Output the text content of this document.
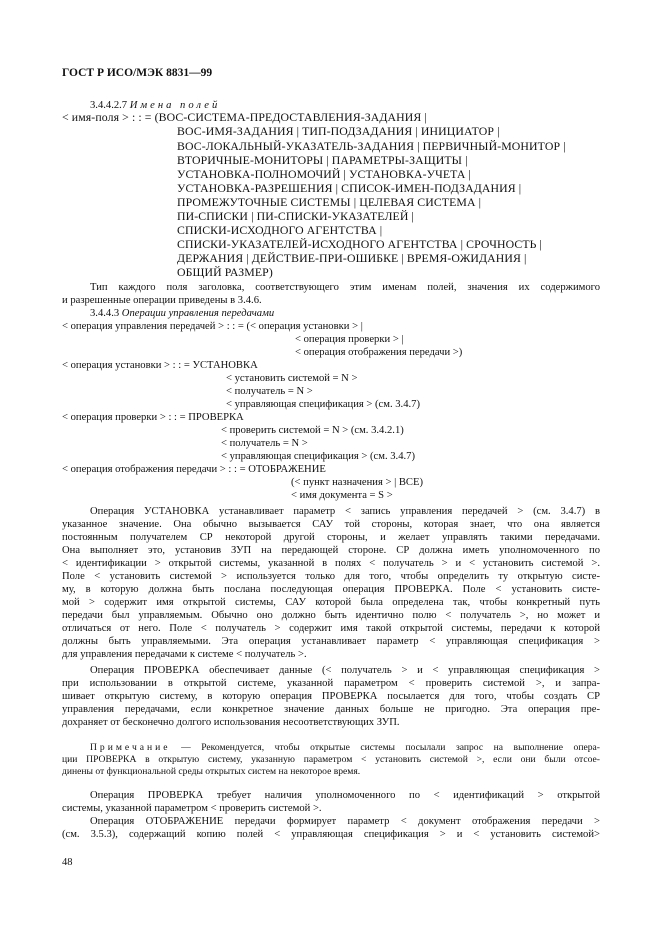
ГОСТ Р ИСО/МЭК 8831—99
3.4.4.2.7 Имена полей
< имя-поля > : : = (ВОС-СИСТЕМА-ПРЕДОСТАВЛЕНИЯ-ЗАДАНИЯ |
ВОС-ИМЯ-ЗАДАНИЯ | ТИП-ПОДЗАДАНИЯ | ИНИЦИАТОР |
ВОС-ЛОКАЛЬНЫЙ-УКАЗАТЕЛЬ-ЗАДАНИЯ | ПЕРВИЧНЫЙ-МОНИТОР |
ВТОРИЧНЫЕ-МОНИТОРЫ | ПАРАМЕТРЫ-ЗАЩИТЫ |
УСТАНОВКА-ПОЛНОМОЧИЙ | УСТАНОВКА-УЧЕТА |
УСТАНОВКА-РАЗРЕШЕНИЯ | СПИСОК-ИМЕН-ПОДЗАДАНИЯ |
ПРОМЕЖУТОЧНЫЕ СИСТЕМЫ | ЦЕЛЕВАЯ СИСТЕМА |
ПИ-СПИСКИ | ПИ-СПИСКИ-УКАЗАТЕЛЕЙ |
СПИСКИ-ИСХОДНОГО АГЕНТСТВА |
СПИСКИ-УКАЗАТЕЛЕЙ-ИСХОДНОГО АГЕНТСТВА | СРОЧНОСТЬ |
ДЕРЖАНИЯ | ДЕЙСТВИЕ-ПРИ-ОШИБКЕ | ВРЕМЯ-ОЖИДАНИЯ |
ОБЩИЙ РАЗМЕР)
Тип каждого поля заголовка, соответствующего этим именам полей, значения их содержимого
и разрешенные операции приведены в 3.4.6.
3.4.4.3 Операции управления передачами
< операция управления передачей > : : = (< операция установки > |
< операция проверки > |
< операция отображения передачи >)
< операция установки > : : = УСТАНОВКА
< установить системой = N >
< получатель = N >
< управляющая спецификация > (см. 3.4.7)
< операция проверки > : : = ПРОВЕРКА
< проверить системой = N > (см. 3.4.2.1)
< получатель = N >
< управляющая спецификация > (см. 3.4.7)
< операция отображения передачи > : : = ОТОБРАЖЕНИЕ
(< пункт назначения > | ВСЕ)
< имя документа = S >
Операция УСТАНОВКА устанавливает параметр < запись управления передачей > (см. 3.4.7) в
указанное значение. Она обычно вызывается САУ той стороны, которая знает, что она является
постоянным получателем СР некоторой другой стороны, и желает управлять такими передачами.
Она выполняет это, установив ЗУП на передающей стороне. СР должна иметь уполномоченного по
< идентификации > открытой системы, указанной в полях < получатель > и < установить системой >.
Поле < установить системой > используется только для того, чтобы определить ту открытую систе-
му, в которую должна быть послана последующая операция ПРОВЕРКА. Поле < установить систе-
мой > содержит имя открытой системы, САУ которой была определена так, чтобы конкретный путь
передачи был управляемым. Обычно оно должно быть идентично полю < получатель >, но может и
отличаться от него. Поле < получатель > содержит имя такой открытой системы, передачи к которой
должны быть управляемыми. Эта операция устанавливает параметр < управляющая спецификация >
для управления передачами к системе < получатель >.
Операция ПРОВЕРКА обеспечивает данные (< получатель > и < управляющая спецификация >
при использовании в открытой системе, указанной параметром < проверить системой >, и запра-
шивает открытую систему, в которую операция ПРОВЕРКА посылается для того, чтобы создать СР
управления передачами, если конкретное значение данных больше не пригодно. Эта операция пре-
дохраняет от бесконечно долгого использования несоответствующих ЗУП.
Примечание — Рекомендуется, чтобы открытые системы посылали запрос на выполнение опера-
ции ПРОВЕРКА в открытую систему, указанную параметром < установить системой >, если они были отсое-
динены от функциональной среды открытых систем на некоторое время.
Операция ПРОВЕРКА требует наличия уполномоченного по < идентификаций > открытой
системы, указанной параметром < проверить системой >.
Операция ОТОБРАЖЕНИЕ передачи формирует параметр < документ отображения передачи >
(см. 3.5.3), содержащий копию полей < управляющая спецификация > и < установить системой>
48
